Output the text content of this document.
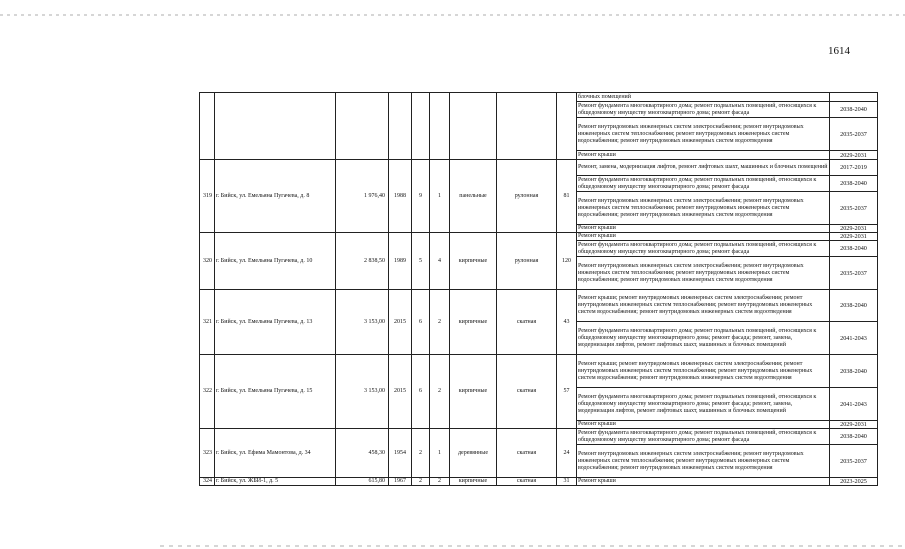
1614
									блочных помещений	
									Ремонт фундамента многоквартирного дома; ремонт подвальных помещений, относящихся к общедомовому имуществу многоквартирного дома; ремонт фасада	2038-2040
									Ремонт внутридомовых инженерных систем электроснабжения; ремонт внутридомовых инженерных систем теплоснабжения; ремонт внутридомовых инженерных систем водоснабжения; ремонт внутридомовых инженерных систем водоотведения	2035-2037
									Ремонт крыши	2029-2031
319	г. Бийск, ул. Емельяна Пугачева, д. 8	1 976,40	1988	9	1	панельные	рулонная	81	Ремонт, замена, модернизация лифтов, ремонт лифтовых шахт, машинных и блочных помещений	2017-2019
									Ремонт фундамента многоквартирного дома; ремонт подвальных помещений, относящихся к общедомовому имуществу многоквартирного дома; ремонт фасада	2038-2040
									Ремонт внутридомовых инженерных систем электроснабжения; ремонт внутридомовых инженерных систем теплоснабжения; ремонт внутридомовых инженерных систем водоснабжения; ремонт внутридомовых инженерных систем водоотведения	2035-2037
									Ремонт крыши	2029-2031
320	г. Бийск, ул. Емельяна Пугачева, д. 10	2 838,50	1989	5	4	кирпичные	рулонная	120	Ремонт крыши	2029-2031
									Ремонт фундамента многоквартирного дома; ремонт подвальных помещений, относящихся к общедомовому имуществу многоквартирного дома; ремонт фасада	2038-2040
									Ремонт внутридомовых инженерных систем электроснабжения; ремонт внутридомовых инженерных систем теплоснабжения; ремонт внутридомовых инженерных систем водоснабжения; ремонт внутридомовых инженерных систем водоотведения	2035-2037
321	г. Бийск, ул. Емельяна Пугачева, д. 13	3 153,00	2015	6	2	кирпичные	скатная	43	Ремонт крыши; ремонт внутридомовых инженерных систем электроснабжения; ремонт внутридомовых инженерных систем теплоснабжения; ремонт внутридомовых инженерных систем водоснабжения; ремонт внутридомовых инженерных систем водоотведения	2038-2040
									Ремонт фундамента многоквартирного дома; ремонт подвальных помещений, относящихся к общедомовому имуществу многоквартирного дома; ремонт фасада; ремонт, замена, модернизация лифтов, ремонт лифтовых шахт, машинных и блочных помещений	2041-2043
322	г. Бийск, ул. Емельяна Пугачева, д. 15	3 153,00	2015	6	2	кирпичные	скатная	57	Ремонт крыши; ремонт внутридомовых инженерных систем электроснабжения; ремонт внутридомовых инженерных систем теплоснабжения; ремонт внутридомовых инженерных систем водоснабжения; ремонт внутридомовых инженерных систем водоотведения	2038-2040
									Ремонт фундамента многоквартирного дома; ремонт подвальных помещений, относящихся к общедомовому имуществу многоквартирного дома; ремонт фасада; ремонт, замена, модернизация лифтов, ремонт лифтовых шахт, машинных и блочных помещений	2041-2043
									Ремонт крыши	2029-2031
323	г. Бийск, ул. Ефима Мамонтова, д. 34	458,30	1954	2	1	деревянные	скатная	24	Ремонт фундамента многоквартирного дома; ремонт подвальных помещений, относящихся к общедомовому имуществу многоквартирного дома; ремонт фасада	2038-2040
									Ремонт внутридомовых инженерных систем электроснабжения; ремонт внутридомовых инженерных систем теплоснабжения; ремонт внутридомовых инженерных систем водоснабжения; ремонт внутридомовых инженерных систем водоотведения	2035-2037
324	г. Бийск, ул. ЖБИ-1, д. 5	615,80	1967	2	2	кирпичные	скатная	31	Ремонт крыши	2023-2025
